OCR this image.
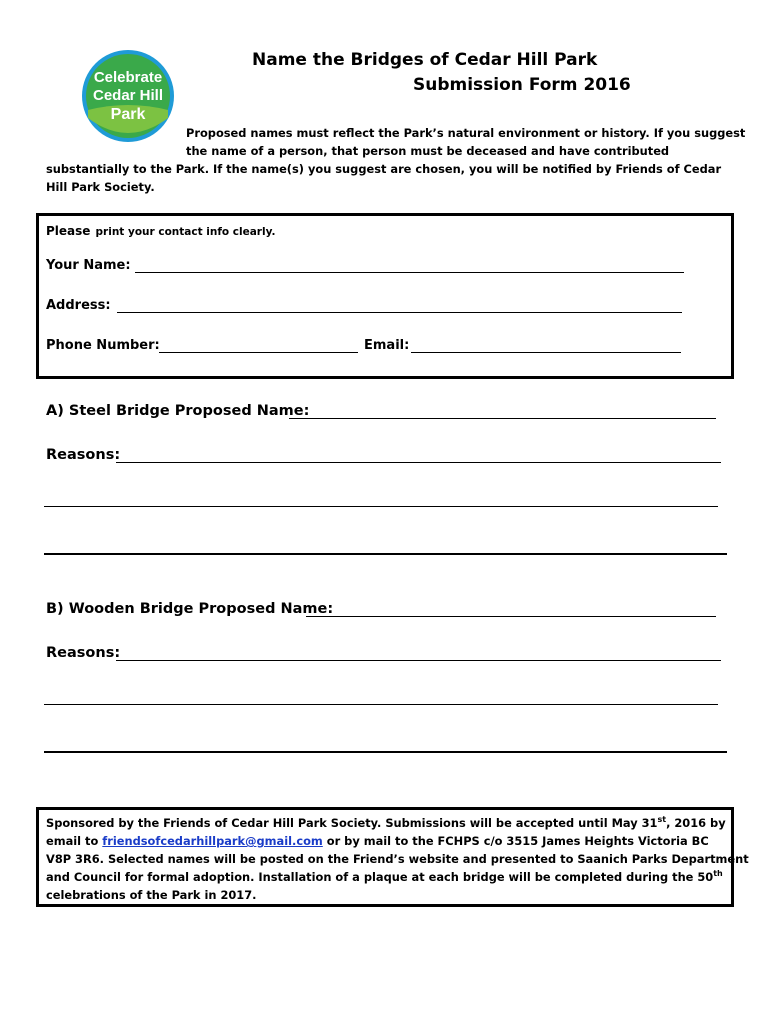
Celebrate
Cedar Hill
Park
Name the Bridges of Cedar Hill Park
Submission Form 2016
Proposed names must reflect the Park’s natural environment or history. If you suggest
the name of a person, that person must be deceased and have contributed
substantially to the Park. If the name(s) you suggest are chosen, you will be notified by Friends of Cedar
Hill Park Society.
Please print your contact info clearly.
Your Name:
Address:
Phone Number:	Email:
A) Steel Bridge Proposed Name:
Reasons:
B) Wooden Bridge Proposed Name:
Reasons:
Sponsored by the Friends of Cedar Hill Park Society. Submissions will be accepted until May 31st, 2016 by
email to friendsofcedarhillpark@gmail.com or by mail to the FCHPS c/o 3515 James Heights Victoria BC
V8P 3R6. Selected names will be posted on the Friend’s website and presented to Saanich Parks Department
and Council for formal adoption. Installation of a plaque at each bridge will be completed during the 50th
celebrations of the Park in 2017.
